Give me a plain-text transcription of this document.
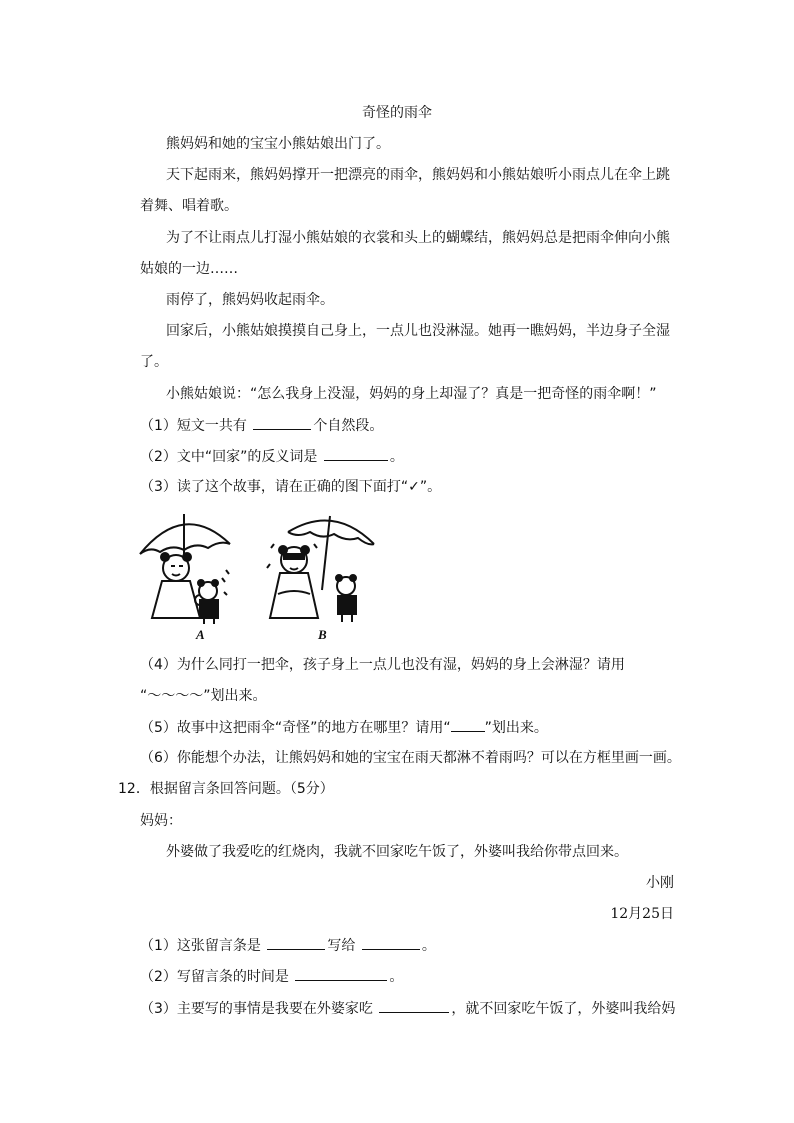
奇怪的雨伞
熊妈妈和她的宝宝小熊姑娘出门了。
天下起雨来，熊妈妈撑开一把漂亮的雨伞，熊妈妈和小熊姑娘听小雨点儿在伞上跳
着舞、唱着歌。
为了不让雨点儿打湿小熊姑娘的衣裳和头上的蝴蝶结，熊妈妈总是把雨伞伸向小熊
姑娘的一边……
雨停了，熊妈妈收起雨伞。
回家后，小熊姑娘摸摸自己身上，一点儿也没淋湿。她再一瞧妈妈，半边身子全湿
了。
小熊姑娘说：“怎么我身上没湿，妈妈的身上却湿了？真是一把奇怪的雨伞啊！”
（1）短文一共有	个自然段。
（2）文中“回家”的反义词是	。
（3）读了这个故事，请在正确的图下面打“✓”。
A	B
（4）为什么同打一把伞，孩子身上一点儿也没有湿，妈妈的身上会淋湿？请用
“～～～～”划出来。
（5）故事中这把雨伞“奇怪”的地方在哪里？请用“ ”划出来。
（6）你能想个办法，让熊妈妈和她的宝宝在雨天都淋不着雨吗？可以在方框里画一画。
12．根据留言条回答问题。（5分）
妈妈：
外婆做了我爱吃的红烧肉，我就不回家吃午饭了，外婆叫我给你带点回来。
小刚
12月25日
（1）这张留言条是	写给	。
（2）写留言条的时间是	。
（3）主要写的事情是我要在外婆家吃	，就不回家吃午饭了，外婆叫我给妈
